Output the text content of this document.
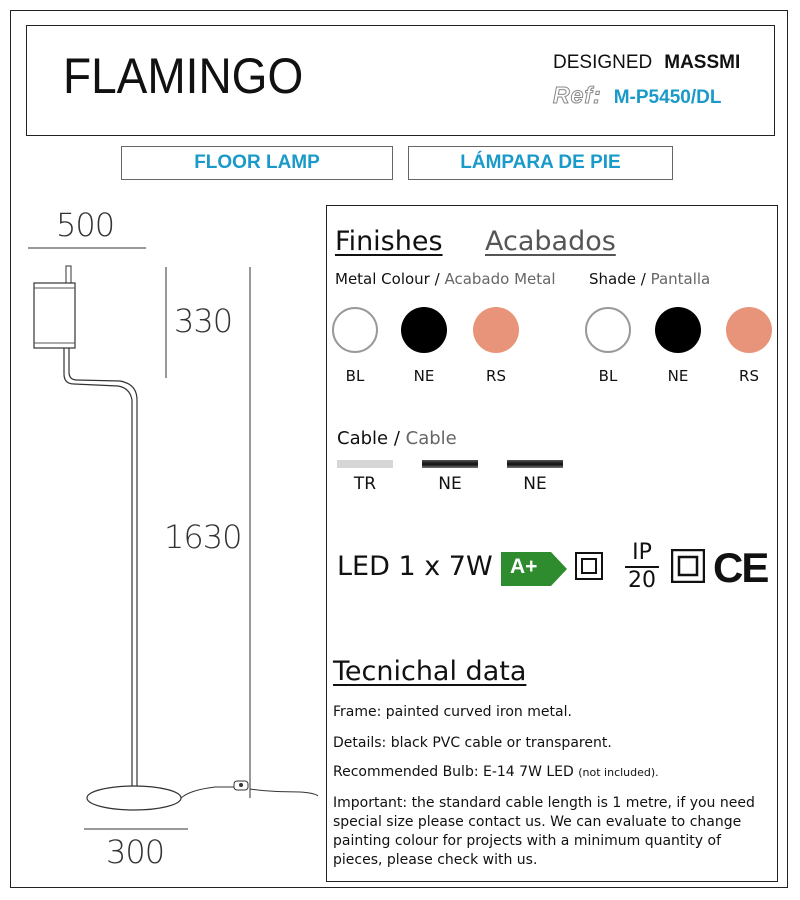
FLAMINGO	DESIGNED MASSMI
Ref: M-P5450/DL
FLOOR LAMP	LÁMPARA DE PIE
500
330
1630
300
Finishes Acabados
Metal Colour / Acabado Metal Shade / Pantalla
BL	NE	RS	BL	NE	RS
Cable / Cable
TR	NE	NE
LED 1 x 7W A+
IP
20 CE
Tecnichal data
Frame: painted curved iron metal.
Details: black PVC cable or transparent.
Recommended Bulb: E-14 7W LED (not included).
Important: the standard cable length is 1 metre, if you need special size please contact us. We can evaluate to change painting colour for projects with a minimum quantity of pieces, please check with us.
